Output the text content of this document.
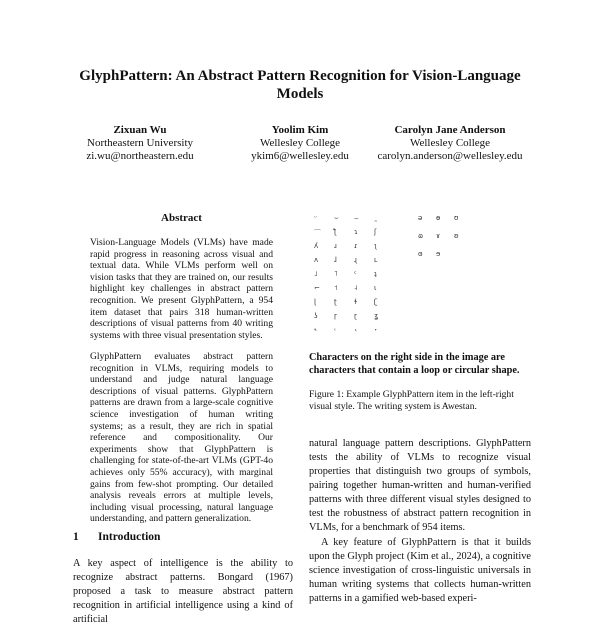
GlyphPattern: An Abstract Pattern Recognition for Vision-Language Models
Zixuan Wu
Northeastern University
zi.wu@northeastern.edu
Yoolim Kim
Wellesley College
ykim6@wellesley.edu
Carolyn Jane Anderson
Wellesley College
carolyn.anderson@wellesley.edu
Abstract

Vision-Language Models (VLMs) have made rapid progress in reasoning across visual and textual data. While VLMs perform well on vision tasks that they are trained on, our results highlight key challenges in abstract pattern recognition. We present GlyphPattern, a 954 item dataset that pairs 318 human-written descriptions of visual patterns from 40 writing systems with three visual presentation styles.

GlyphPattern evaluates abstract pattern recognition in VLMs, requiring models to understand and judge natural language descriptions of visual patterns. GlyphPattern patterns are drawn from a large-scale cognitive science investigation of human writing systems; as a result, they are rich in spatial reference and compositionality. Our experiments show that GlyphPattern is challenging for state-of-the-art VLMs (GPT-4o achieves only 55% accuracy), with marginal gains from few-shot prompting. Our detailed analysis reveals errors at multiple levels, including visual processing, natural language understanding, and pattern generalization.

1 Introduction

A key aspect of intelligence is the ability to recognize abstract patterns. Bongard (1967) proposed a task to measure abstract pattern recognition in artificial intelligence using a kind of artificial

ᵕ ⌣ ⌢ ˷
⌒ ƪ	ɿ ʃ
ʎ ɹ ɾ ʅ
ʌ ɺ ɻ ʟ
˩ ˥ ᶜ ʇ
⌐ ˦ ˨ ɩ
ɭ	ʈ ɬ ʗ
ʖ ɼ ɽ ʓ
˞	˓	˔ ˕
ə ɵ ʊ
ɷ ɤ ʚ
ɞ ɘ

Characters on the right side in the image are characters that contain a loop or circular shape.

Figure 1: Example GlyphPattern item in the left-right visual style. The writing system is Awestan.

natural language pattern descriptions. GlyphPattern tests the ability of VLMs to recognize visual properties that distinguish two groups of symbols, pairing together human-written and human-verified patterns with three different visual styles designed to test the robustness of abstract pattern recognition in VLMs, for a benchmark of 954 items.

A key feature of GlyphPattern is that it builds upon the Glyph project (Kim et al., 2024), a cognitive science investigation of cross-linguistic universals in human writing systems that collects human-written patterns in a gamified web-based experi-
